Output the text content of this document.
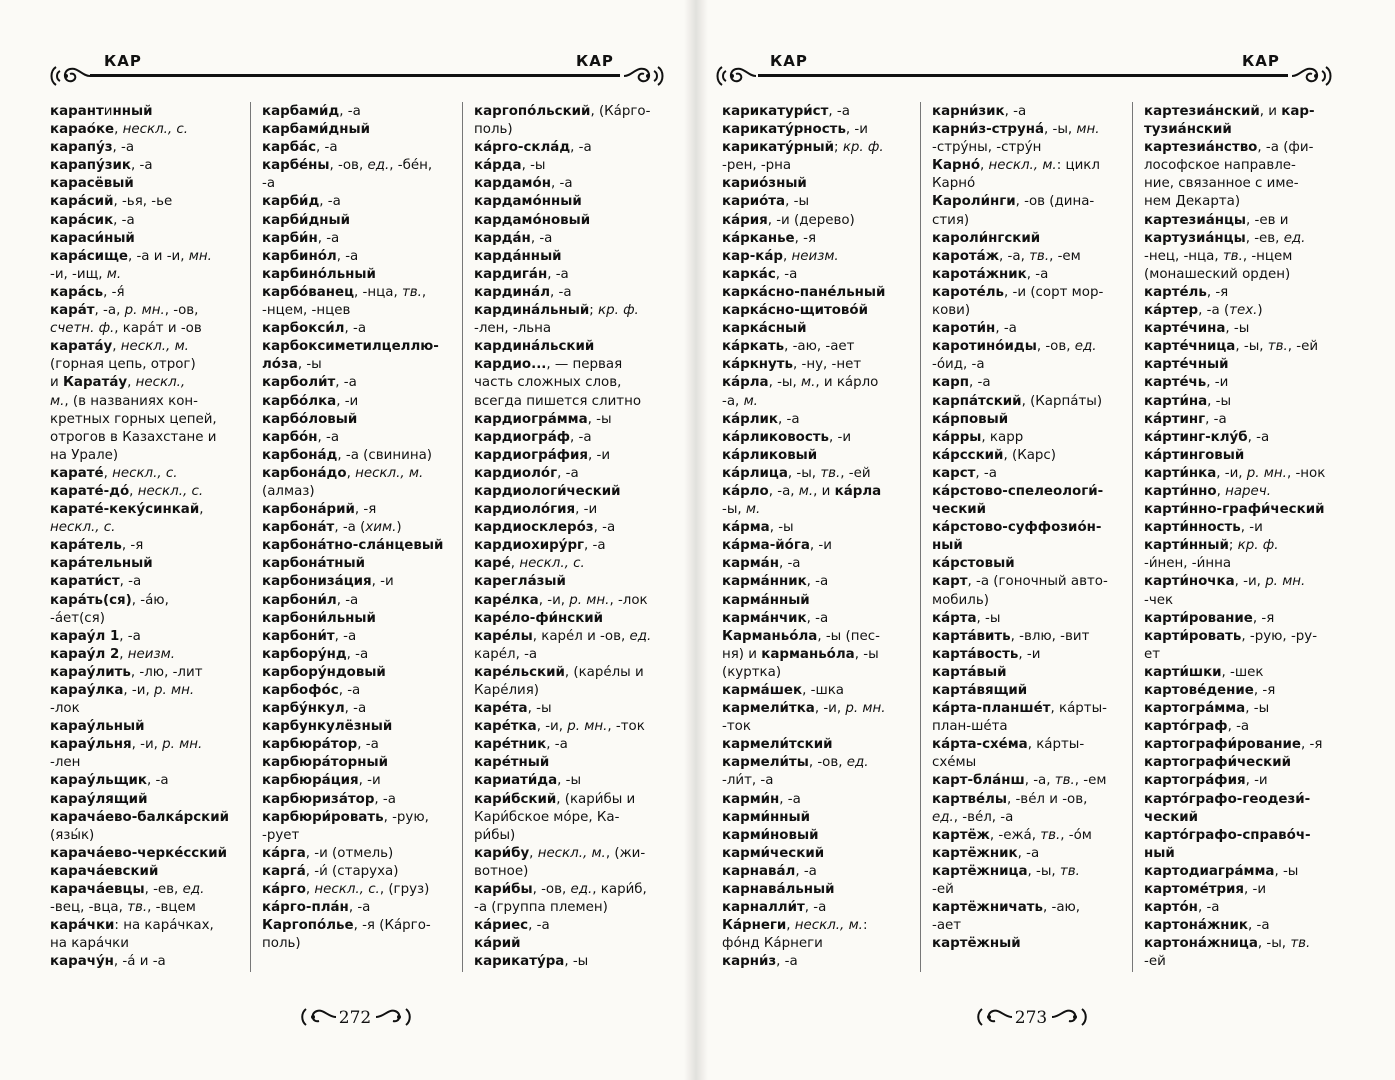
КАР	КАР
карантинный
караоке, нескл., с.
карапу́з, -а
карапу́зик, -а
карасёвый
кара́сий, -ья, -ье
кара́сик, -а
караси́ный
кара́сище, -а и -и, мн.
-и, -ищ, м.
кара́сь, -я́
кара́т, -а, р. мн., -ов,
счетн. ф., кара́т и -ов
карата́у, нескл., м.
(горная цепь, отрог)
и Карата́у, нескл.,
м., (в названиях кон-
кретных горных цепей,
отрогов в Казахстане и
на Урале)
карате́, нескл., с.
карате́-до́, нескл., с.
карате́-кеку́синкай,
нескл., с.
кара́тель, -я
кара́тельный
карати́ст, -а
кара́ть(ся), -а́ю,
-а́ет(ся)
карау́л 1, -а
карау́л 2, неизм.
карау́лить, -лю, -лит
карау́лка, -и, р. мн.
-лок
карау́льный
карау́льня, -и, р. мн.
-лен
карау́льщик, -а
карау́лящий
карача́ево-балка́рский
(язы́к)
карача́ево-черке́сский
карача́евский
карача́евцы, -ев, ед.
-вец, -вца, тв., -вцем
кара́чки: на кара́чках,
на кара́чки
карачу́н, -а́ и -а
карбами́д, -а
карбами́дный
карба́с, -а
карбе́ны, -ов, ед., -бе́н,
-а
карби́д, -а
карби́дный
карби́н, -а
карбино́л, -а
карбино́льный
карбо́ванец, -нца, тв.,
-нцем, -нцев
карбокси́л, -а
карбоксиметилцеллю-
ло́за, -ы
карболи́т, -а
карбо́лка, -и
карбо́ловый
карбо́н, -а
карбона́д, -а (свинина)
карбона́до, нескл., м.
(алмаз)
карбона́рий, -я
карбона́т, -а (хим.)
карбона́тно-сла́нцевый
карбона́тный
карбониза́ция, -и
карбони́л, -а
карбони́льный
карбони́т, -а
карбору́нд, -а
карбору́ндовый
карбофо́с, -а
карбу́нкул, -а
карбункулёзный
карбюра́тор, -а
карбюра́торный
карбюра́ция, -и
карбюриза́тор, -а
карбюри́ровать, -рую,
-рует
ка́рга, -и (отмель)
карга́, -и́ (старуха)
ка́рго, нескл., с., (груз)
ка́рго-пла́н, -а
Каргопо́лье, -я (Ка́рго-
поль)
каргопо́льский, (Ка́рго-
поль)
ка́рго-скла́д, -а
ка́рда, -ы
кардамо́н, -а
кардамо́нный
кардамо́новый
карда́н, -а
карда́нный
кардига́н, -а
кардина́л, -а
кардина́льный; кр. ф.
-лен, -льна
кардина́льский
кардио..., — первая
часть сложных слов,
всегда пишется слитно
кардиогра́мма, -ы
кардиогра́ф, -а
кардиогра́фия, -и
кардиоло́г, -а
кардиологи́ческий
кардиоло́гия, -и
кардиосклеро́з, -а
кардиохиру́рг, -а
каре́, нескл., с.
карегла́зый
каре́лка, -и, р. мн., -лок
каре́ло-фи́нский
каре́лы, каре́л и -ов, ед.
каре́л, -а
каре́льский, (каре́лы и
Каре́лия)
каре́та, -ы
каре́тка, -и, р. мн., -ток
каре́тник, -а
каре́тный
кариати́да, -ы
кари́бский, (кари́бы и
Кари́бское мо́ре, Ка-
ри́бы)
кари́бу, нескл., м., (жи-
вотное)
кари́бы, -ов, ед., кари́б,
-а (группа племен)
ка́риес, -а
ка́рий
карикату́ра, -ы
272
КАР	КАР
карикатури́ст, -а
карикату́рность, -и
карикату́рный; кр. ф.
-рен, -рна
карио́зный
карио́та, -ы
ка́рия, -и (дерево)
ка́рканье, -я
кар-ка́р, неизм.
карка́с, -а
карка́сно-пане́льный
карка́сно-щитово́й
карка́сный
ка́ркать, -аю, -ает
ка́ркнуть, -ну, -нет
ка́рла, -ы, м., и ка́рло
-а, м.
ка́рлик, -а
ка́рликовость, -и
ка́рликовый
ка́рлица, -ы, тв., -ей
ка́рло, -а, м., и ка́рла
-ы, м.
ка́рма, -ы
ка́рма-йо́га, -и
карма́н, -а
карма́нник, -а
карма́нный
карма́нчик, -а
Карманьо́ла, -ы (пес-
ня) и карманьо́ла, -ы
(куртка)
карма́шек, -шка
кармели́тка, -и, р. мн.
-ток
кармели́тский
кармели́ты, -ов, ед.
-ли́т, -а
карми́н, -а
карми́нный
карми́новый
карми́ческий
карнава́л, -а
карнава́льный
карналли́т, -а
Ка́рнеги, нескл., м.:
фо́нд Ка́рнеги
карни́з, -а
карни́зик, -а
карни́з-струна́, -ы, мн.
-стру́ны, -стру́н
Карно́, нескл., м.: цикл
Карно́
Кароли́нги, -ов (дина-
стия)
кароли́нгский
карота́ж, -а, тв., -ем
карота́жник, -а
кароте́ль, -и (сорт мор-
кови)
кароти́н, -а
каротино́иды, -ов, ед.
-о́ид, -а
карп, -а
карпа́тский, (Карпа́ты)
ка́рповый
ка́рры, карр
ка́рсский, (Карс)
карст, -а
ка́рстово-спелеологи́-
ческий
ка́рстово-суффозио́н-
ный
ка́рстовый
карт, -а (гоночный авто-
мобиль)
ка́рта, -ы
карта́вить, -влю, -вит
карта́вость, -и
карта́вый
карта́вящий
ка́рта-планше́т, ка́рты-
план-ше́та
ка́рта-схе́ма, ка́рты-
схе́мы
карт-бла́нш, -а, тв., -ем
картве́лы, -ве́л и -ов,
ед., -ве́л, -а
картёж, -ежа́, тв., -о́м
картёжник, -а
картёжница, -ы, тв.
-ей
картёжничать, -аю,
-ает
картёжный
картезиа́нский, и кар-
тузиа́нский
картезиа́нство, -а (фи-
лософское направле-
ние, связанное с име-
нем Декарта)
картезиа́нцы, -ев и
картузиа́нцы, -ев, ед.
-нец, -нца, тв., -нцем
(монашеский орден)
карте́ль, -я
ка́ртер, -а (тех.)
карте́чина, -ы
карте́чница, -ы, тв., -ей
карте́чный
карте́чь, -и
карти́на, -ы
ка́ртинг, -а
ка́ртинг-клу́б, -а
ка́ртинговый
карти́нка, -и, р. мн., -нок
карти́нно, нареч.
карти́нно-графи́ческий
карти́нность, -и
карти́нный; кр. ф.
-и́нен, -и́нна
карти́ночка, -и, р. мн.
-чек
карти́рование, -я
карти́ровать, -рую, -ру-
ет
карти́шки, -шек
картове́дение, -я
картогра́мма, -ы
карто́граф, -а
картографи́рование, -я
картографи́ческий
картогра́фия, -и
карто́графо-геодези́-
ческий
карто́графо-справо́ч-
ный
картодиагра́мма, -ы
картоме́трия, -и
карто́н, -а
картона́жник, -а
картона́жница, -ы, тв.
-ей
273
